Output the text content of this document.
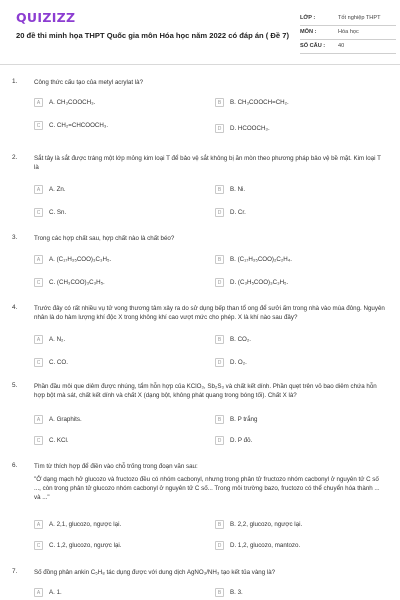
QUIZIZZ
20 đề thi minh họa THPT Quốc gia môn Hóa học năm 2022 có đáp án ( Đề 7)
LỚP :	Tốt nghiệp THPT
MÔN :	Hóa học
SỐ CÂU : 40
1.	Công thức cấu tạo của metyl acrylat là?
A	A. CH₃COOCH₃.	B	B. CH₃COOCH=CH₂.
C	C. CH₂=CHCOOCH₃.	D	D. HCOOCH₃.
2.	Sắt tây là sắt được tráng một lớp mỏng kim loại T để bảo vệ sắt không bị ăn mòn theo phương pháp bảo vệ bề mặt. Kim loại T là
A	A. Zn.	B	B. Ni.
C	C. Sn.	D	D. Cr.
3.	Trong các hợp chất sau, hợp chất nào là chất béo?
A	A. (C₁₇H₃₅COO)₃C₃H₅.	B	B. (C₁₇H₃₅COO)₂C₂H₄.
C	C. (CH₃COO)₃C₃H₅.	D	D. (C₃H₅COO)₃C₃H₅.
4.	Trước đây có rất nhiều vụ tử vong thương tâm xảy ra do sử dụng bếp than tổ ong để sưởi ấm trong nhà vào mùa đông. Nguyên nhân là do hàm lượng khí độc X trong không khí cao vượt mức cho phép. X là khí nào sau đây?
A	A. N₂.	B	B. CO₂.
C	C. CO.	D	D. O₂.
5.	Phần đầu môi que diêm được nhúng, tẩm hỗn hợp của KClO₃, Sb₂S₃ và chất kết dính. Phần quẹt trên vỏ bao diêm chứa hỗn hợp bột mà sát, chất kết dính và chất X (dạng bột, không phát quang trong bóng tối). Chất X là?
A	A. Graphits.	B	B. P trắng
C	C. KCl.	D	D. P đỏ.
6.	Tìm từ thích hợp để điền vào chỗ trống trong đoạn văn sau:
"Ở dạng mạch hở glucozo và fructozo đều có nhóm cacbonyl, nhưng trong phân tử fructozo nhóm cacbonyl ở nguyên tử C số ..., còn trong phân tử glucozo nhóm cacbonyl ở nguyên tử C số... Trong môi trường bazo, fructozo có thể chuyển hóa thành ... và ..."
A	A. 2,1, glucozo, ngược lại.	B	B. 2,2, glucozo, ngược lại.
C	C. 1,2, glucozo, ngược lại.	D	D. 1,2, glucozo, mantozo.
7.	Số đồng phân ankin C₅H₈ tác dụng được với dung dịch AgNO₃/NH₃ tạo kết tủa vàng là?
A	A. 1.	B	B. 3.
